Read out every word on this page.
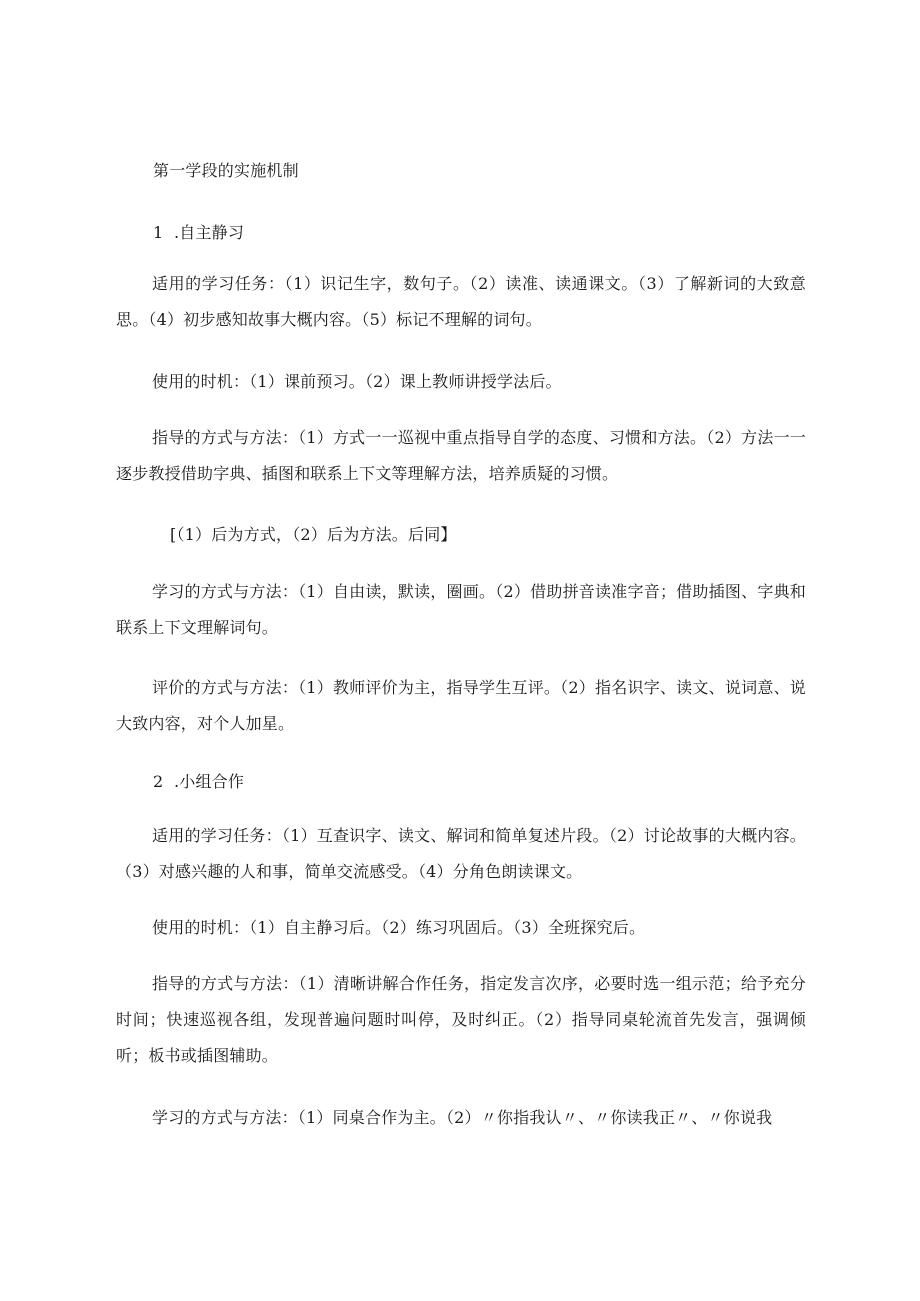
第一学段的实施机制
1  .自主静习
适用的学习任务：（1）识记生字，数句子。（2）读准、读通课文。（3）了解新词的大致意思。（4）初步感知故事大概内容。（5）标记不理解的词句。
使用的时机：（1）课前预习。（2）课上教师讲授学法后。
指导的方式与方法：（1）方式一一巡视中重点指导自学的态度、习惯和方法。（2）方法一一逐步教授借助字典、插图和联系上下文等理解方法，培养质疑的习惯。
[（1）后为方式，（2）后为方法。后同】
学习的方式与方法：（1）自由读，默读，圈画。（2）借助拼音读准字音；借助插图、字典和联系上下文理解词句。
评价的方式与方法：（1）教师评价为主，指导学生互评。（2）指名识字、读文、说词意、说大致内容，对个人加星。
2  .小组合作
适用的学习任务：（1）互查识字、读文、解词和简单复述片段。（2）讨论故事的大概内容。（3）对感兴趣的人和事，简单交流感受。（4）分角色朗读课文。
使用的时机：（1）自主静习后。（2）练习巩固后。（3）全班探究后。
指导的方式与方法：（1）清晰讲解合作任务，指定发言次序，必要时选一组示范；给予充分时间；快速巡视各组，发现普遍问题时叫停，及时纠正。（2）指导同桌轮流首先发言，强调倾听；板书或插图辅助。
学习的方式与方法：（1）同桌合作为主。（2）〃你指我认〃、〃你读我正〃、〃你说我
